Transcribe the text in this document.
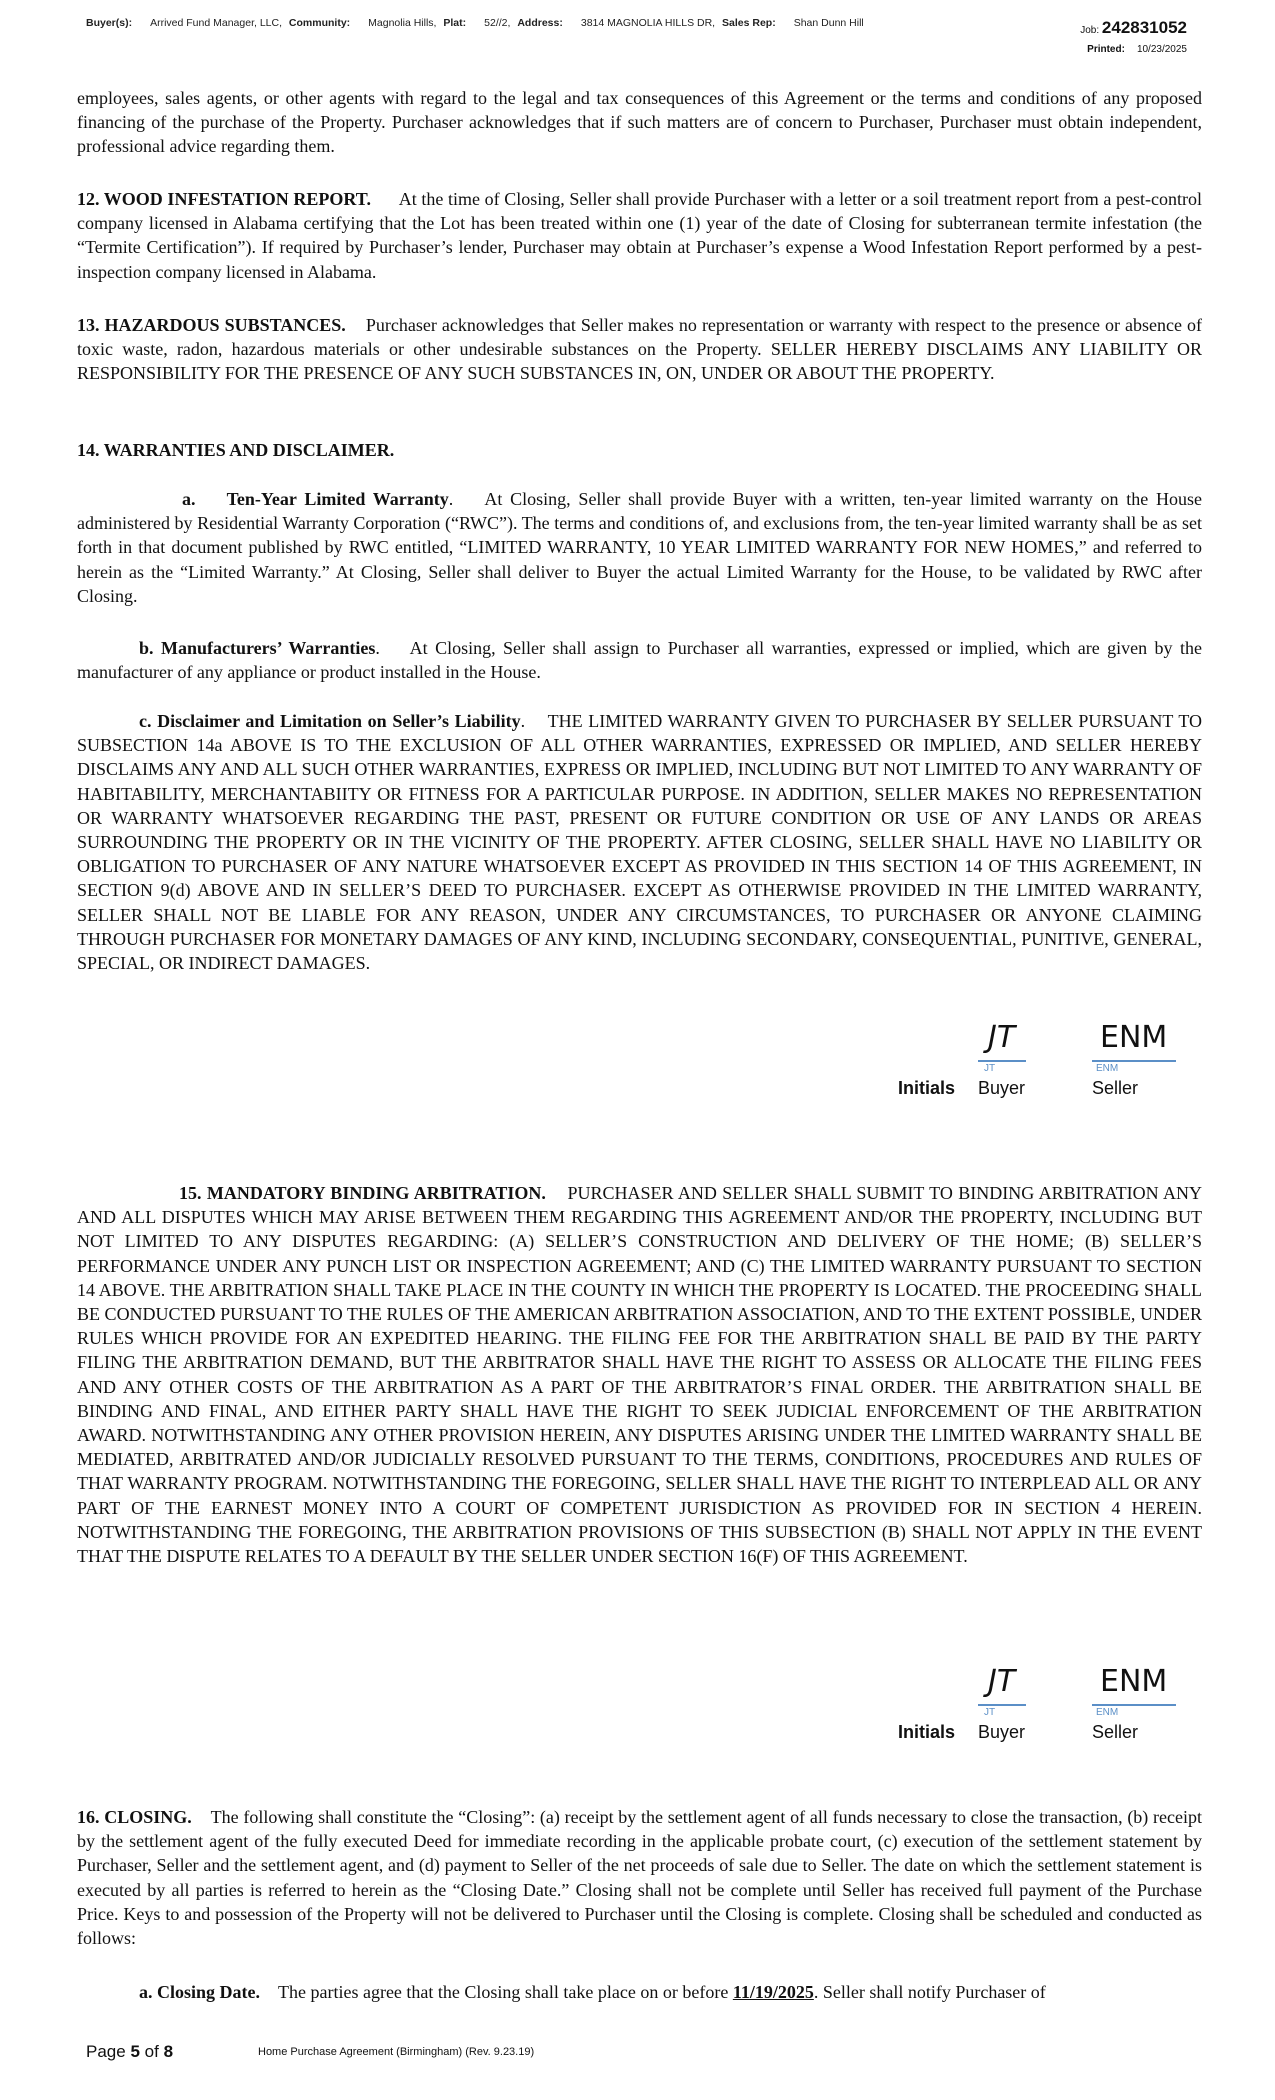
Buyer(s): Arrived Fund Manager, LLC, Community: Magnolia Hills, Plat: 52//2, Address: 3814 MAGNOLIA HILLS DR, Sales Rep: Shan Dunn Hill
Job: 242831052
Printed: 10/23/2025
employees, sales agents, or other agents with regard to the legal and tax consequences of this Agreement or the terms and conditions of any proposed financing of the purchase of the Property. Purchaser acknowledges that if such matters are of concern to Purchaser, Purchaser must obtain independent, professional advice regarding them.
12. WOOD INFESTATION REPORT. At the time of Closing, Seller shall provide Purchaser with a letter or a soil treatment report from a pest-control company licensed in Alabama certifying that the Lot has been treated within one (1) year of the date of Closing for subterranean termite infestation (the “Termite Certification”). If required by Purchaser’s lender, Purchaser may obtain at Purchaser’s expense a Wood Infestation Report performed by a pest-inspection company licensed in Alabama.
13. HAZARDOUS SUBSTANCES. Purchaser acknowledges that Seller makes no representation or warranty with respect to the presence or absence of toxic waste, radon, hazardous materials or other undesirable substances on the Property. SELLER HEREBY DISCLAIMS ANY LIABILITY OR RESPONSIBILITY FOR THE PRESENCE OF ANY SUCH SUBSTANCES IN, ON, UNDER OR ABOUT THE PROPERTY.
14. WARRANTIES AND DISCLAIMER.
a. Ten-Year Limited Warranty.    At Closing, Seller shall provide Buyer with a written, ten-year limited warranty on the House administered by Residential Warranty Corporation (“RWC”). The terms and conditions of, and exclusions from, the ten-year limited warranty shall be as set forth in that document published by RWC entitled, “LIMITED WARRANTY, 10 YEAR LIMITED WARRANTY FOR NEW HOMES,” and referred to herein as the “Limited Warranty.” At Closing, Seller shall deliver to Buyer the actual Limited Warranty for the House, to be validated by RWC after Closing.
b. Manufacturers’ Warranties.    At Closing, Seller shall assign to Purchaser all warranties, expressed or implied, which are given by the manufacturer of any appliance or product installed in the House.
c. Disclaimer and Limitation on Seller’s Liability.    THE LIMITED WARRANTY GIVEN TO PURCHASER BY SELLER PURSUANT TO SUBSECTION 14a ABOVE IS TO THE EXCLUSION OF ALL OTHER WARRANTIES, EXPRESSED OR IMPLIED, AND SELLER HEREBY DISCLAIMS ANY AND ALL SUCH OTHER WARRANTIES, EXPRESS OR IMPLIED, INCLUDING BUT NOT LIMITED TO ANY WARRANTY OF HABITABILITY, MERCHANTABIITY OR FITNESS FOR A PARTICULAR PURPOSE. IN ADDITION, SELLER MAKES NO REPRESENTATION OR WARRANTY WHATSOEVER REGARDING THE PAST, PRESENT OR FUTURE CONDITION OR USE OF ANY LANDS OR AREAS SURROUNDING THE PROPERTY OR IN THE VICINITY OF THE PROPERTY. AFTER CLOSING, SELLER SHALL HAVE NO LIABILITY OR OBLIGATION TO PURCHASER OF ANY NATURE WHATSOEVER EXCEPT AS PROVIDED IN THIS SECTION 14 OF THIS AGREEMENT, IN SECTION 9(d) ABOVE AND IN SELLER’S DEED TO PURCHASER. EXCEPT AS OTHERWISE PROVIDED IN THE LIMITED WARRANTY, SELLER SHALL NOT BE LIABLE FOR ANY REASON, UNDER ANY CIRCUMSTANCES, TO PURCHASER OR ANYONE CLAIMING THROUGH PURCHASER FOR MONETARY DAMAGES OF ANY KIND, INCLUDING SECONDARY, CONSEQUENTIAL, PUNITIVE, GENERAL, SPECIAL, OR INDIRECT DAMAGES.
JT
JT
ENM
ENM
Initials Buyer	Seller
15. MANDATORY BINDING ARBITRATION. PURCHASER AND SELLER SHALL SUBMIT TO BINDING ARBITRATION ANY AND ALL DISPUTES WHICH MAY ARISE BETWEEN THEM REGARDING THIS AGREEMENT AND/OR THE PROPERTY, INCLUDING BUT NOT LIMITED TO ANY DISPUTES REGARDING: (A) SELLER’S CONSTRUCTION AND DELIVERY OF THE HOME; (B) SELLER’S PERFORMANCE UNDER ANY PUNCH LIST OR INSPECTION AGREEMENT; AND (C) THE LIMITED WARRANTY PURSUANT TO SECTION 14 ABOVE. THE ARBITRATION SHALL TAKE PLACE IN THE COUNTY IN WHICH THE PROPERTY IS LOCATED. THE PROCEEDING SHALL BE CONDUCTED PURSUANT TO THE RULES OF THE AMERICAN ARBITRATION ASSOCIATION, AND TO THE EXTENT POSSIBLE, UNDER RULES WHICH PROVIDE FOR AN EXPEDITED HEARING. THE FILING FEE FOR THE ARBITRATION SHALL BE PAID BY THE PARTY FILING THE ARBITRATION DEMAND, BUT THE ARBITRATOR SHALL HAVE THE RIGHT TO ASSESS OR ALLOCATE THE FILING FEES AND ANY OTHER COSTS OF THE ARBITRATION AS A PART OF THE ARBITRATOR’S FINAL ORDER. THE ARBITRATION SHALL BE BINDING AND FINAL, AND EITHER PARTY SHALL HAVE THE RIGHT TO SEEK JUDICIAL ENFORCEMENT OF THE ARBITRATION AWARD. NOTWITHSTANDING ANY OTHER PROVISION HEREIN, ANY DISPUTES ARISING UNDER THE LIMITED WARRANTY SHALL BE MEDIATED, ARBITRATED AND/OR JUDICIALLY RESOLVED PURSUANT TO THE TERMS, CONDITIONS, PROCEDURES AND RULES OF THAT WARRANTY PROGRAM. NOTWITHSTANDING THE FOREGOING, SELLER SHALL HAVE THE RIGHT TO INTERPLEAD ALL OR ANY PART OF THE EARNEST MONEY INTO A COURT OF COMPETENT JURISDICTION AS PROVIDED FOR IN SECTION 4 HEREIN. NOTWITHSTANDING THE FOREGOING, THE ARBITRATION PROVISIONS OF THIS SUBSECTION (B) SHALL NOT APPLY IN THE EVENT THAT THE DISPUTE RELATES TO A DEFAULT BY THE SELLER UNDER SECTION 16(F) OF THIS AGREEMENT.
JT
JT
ENM
ENM
Initials Buyer	Seller
16. CLOSING. The following shall constitute the “Closing”: (a) receipt by the settlement agent of all funds necessary to close the transaction, (b) receipt by the settlement agent of the fully executed Deed for immediate recording in the applicable probate court, (c) execution of the settlement statement by Purchaser, Seller and the settlement agent, and (d) payment to Seller of the net proceeds of sale due to Seller. The date on which the settlement statement is executed by all parties is referred to herein as the “Closing Date.” Closing shall not be complete until Seller has received full payment of the Purchase Price. Keys to and possession of the Property will not be delivered to Purchaser until the Closing is complete. Closing shall be scheduled and conducted as follows:
a. Closing Date. The parties agree that the Closing shall take place on or before 11/19/2025. Seller shall notify Purchaser of
Page 5 of 8	Home Purchase Agreement (Birmingham) (Rev. 9.23.19)
